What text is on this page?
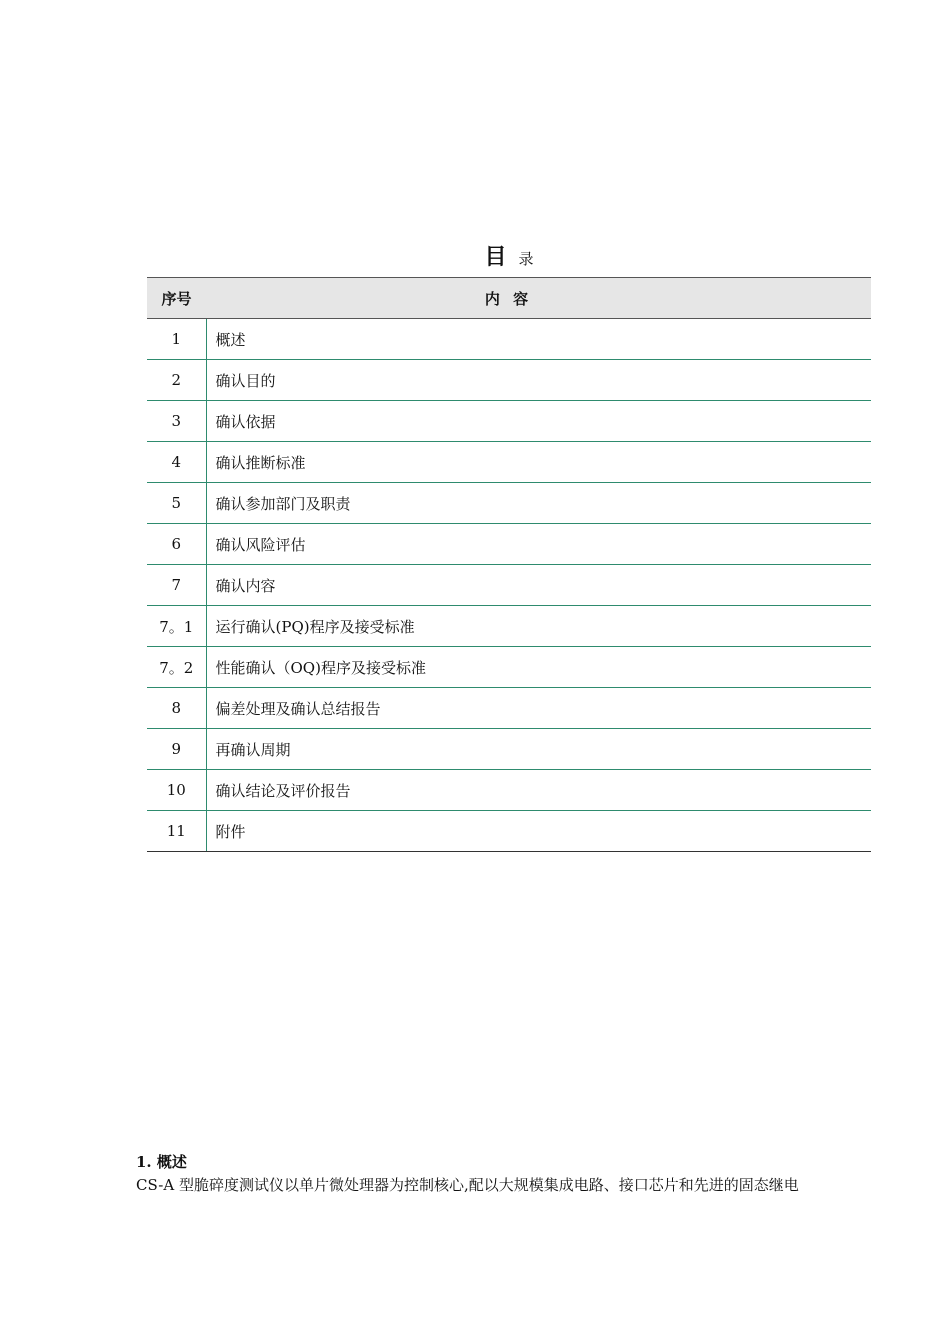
目 录
序号	内 容
1	概述
2	确认目的
3	确认依据
4	确认推断标准
5	确认参加部门及职责
6	确认风险评估
7	确认内容
7。1	运行确认(PQ)程序及接受标准
7。2	性能确认（OQ)程序及接受标准
8	偏差处理及确认总结报告
9	再确认周期
10	确认结论及评价报告
11	附件
1. 概述
CS-A 型脆碎度测试仪以单片微处理器为控制核心,配以大规模集成电路、接口芯片和先进的固态继电
